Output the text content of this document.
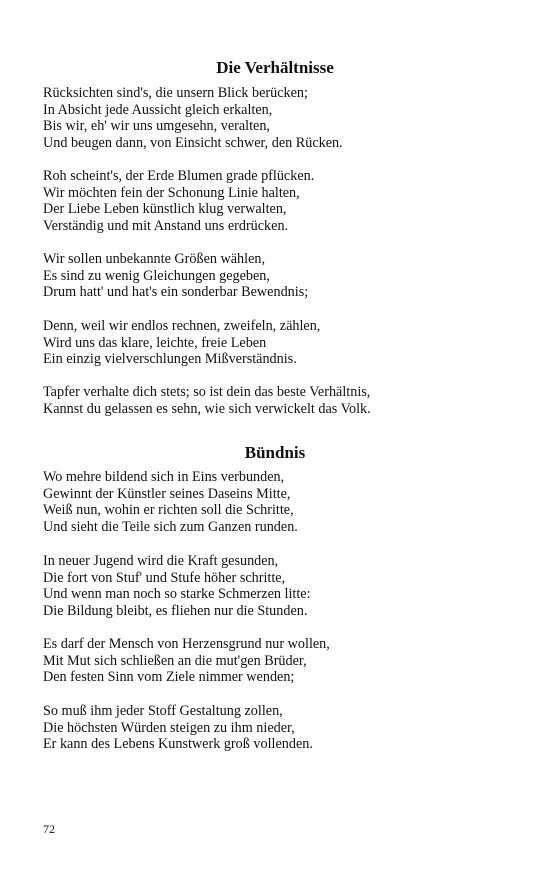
Die Verhältnisse

Rücksichten sind's, die unsern Blick berücken;
In Absicht jede Aussicht gleich erkalten,
Bis wir, eh' wir uns umgesehn, veralten,
Und beugen dann, von Einsicht schwer, den Rücken.

Roh scheint's, der Erde Blumen grade pflücken.
Wir möchten fein der Schonung Linie halten,
Der Liebe Leben künstlich klug verwalten,
Verständig und mit Anstand uns erdrücken.

Wir sollen unbekannte Größen wählen,
Es sind zu wenig Gleichungen gegeben,
Drum hatt' und hat's ein sonderbar Bewendnis;

Denn, weil wir endlos rechnen, zweifeln, zählen,
Wird uns das klare, leichte, freie Leben
Ein einzig vielverschlungen Mißverständnis.

Tapfer verhalte dich stets; so ist dein das beste Verhältnis,
Kannst du gelassen es sehn, wie sich verwickelt das Volk.

Bündnis

Wo mehre bildend sich in Eins verbunden,
Gewinnt der Künstler seines Daseins Mitte,
Weiß nun, wohin er richten soll die Schritte,
Und sieht die Teile sich zum Ganzen runden.

In neuer Jugend wird die Kraft gesunden,
Die fort von Stuf' und Stufe höher schritte,
Und wenn man noch so starke Schmerzen litte:
Die Bildung bleibt, es fliehen nur die Stunden.

Es darf der Mensch von Herzensgrund nur wollen,
Mit Mut sich schließen an die mut'gen Brüder,
Den festen Sinn vom Ziele nimmer wenden;

So muß ihm jeder Stoff Gestaltung zollen,
Die höchsten Würden steigen zu ihm nieder,
Er kann des Lebens Kunstwerk groß vollenden.

72
